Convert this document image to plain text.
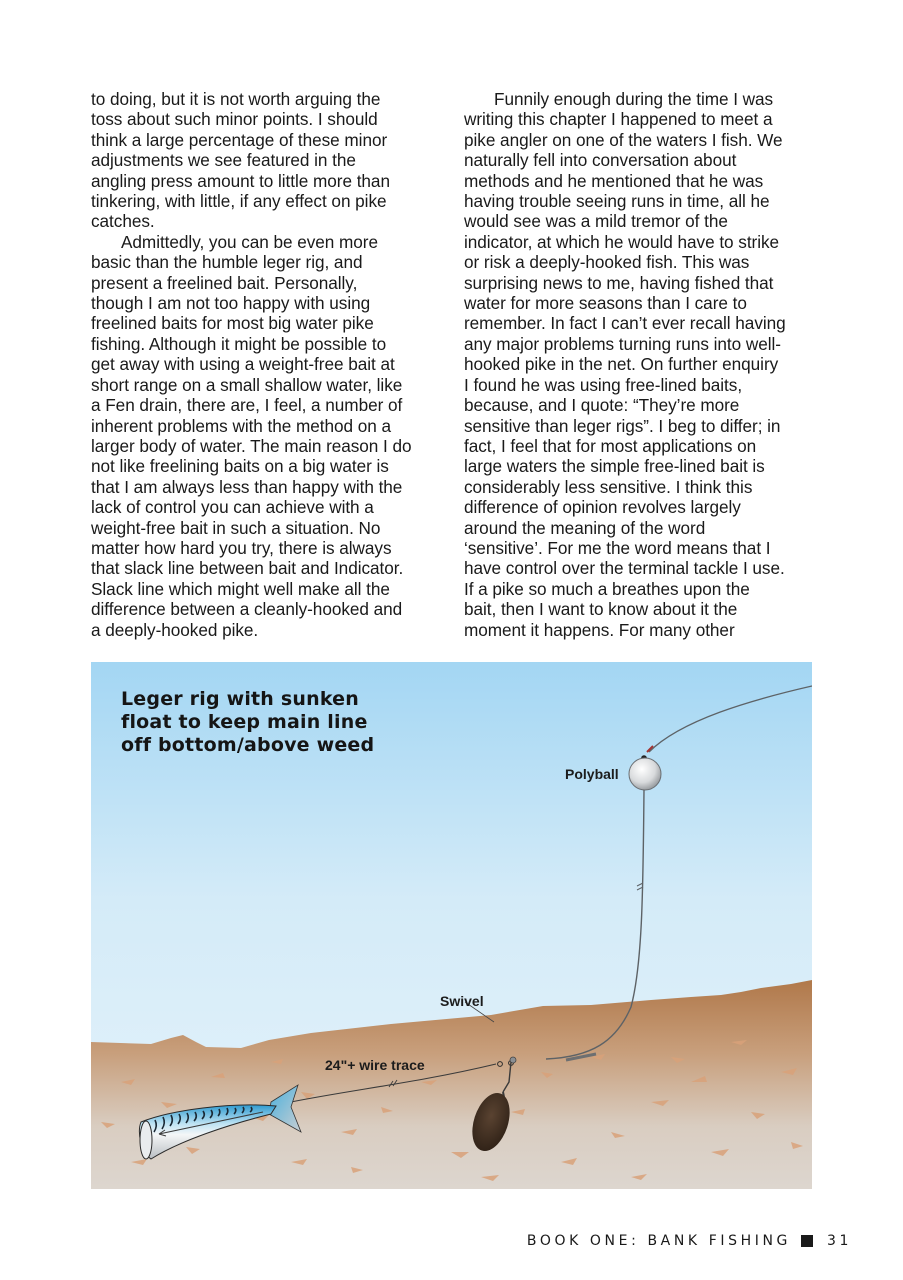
to doing, but it is not worth arguing the
toss about such minor points. I should
think a large percentage of these minor
adjustments we see featured in the
angling press amount to little more than
tinkering, with little, if any effect on pike
catches.

Admittedly, you can be even more
basic than the humble leger rig, and
present a freelined bait. Personally,
though I am not too happy with using
freelined baits for most big water pike
fishing. Although it might be possible to
get away with using a weight-free bait at
short range on a small shallow water, like
a Fen drain, there are, I feel, a number of
inherent problems with the method on a
larger body of water. The main reason I do
not like freelining baits on a big water is
that I am always less than happy with the
lack of control you can achieve with a
weight-free bait in such a situation. No
matter how hard you try, there is always
that slack line between bait and Indicator.
Slack line which might well make all the
difference between a cleanly-hooked and
a deeply-hooked pike.

Funnily enough during the time I was
writing this chapter I happened to meet a
pike angler on one of the waters I fish. We
naturally fell into conversation about
methods and he mentioned that he was
having trouble seeing runs in time, all he
would see was a mild tremor of the
indicator, at which he would have to strike
or risk a deeply-hooked fish. This was
surprising news to me, having fished that
water for more seasons than I care to
remember. In fact I can’t ever recall having
any major problems turning runs into well-
hooked pike in the net. On further enquiry
I found he was using free-lined baits,
because, and I quote: “They’re more
sensitive than leger rigs”. I beg to differ; in
fact, I feel that for most applications on
large waters the simple free-lined bait is
considerably less sensitive. I think this
difference of opinion revolves largely
around the meaning of the word
‘sensitive’. For me the word means that I
have control over the terminal tackle I use.
If a pike so much a breathes upon the
bait, then I want to know about it the
moment it happens. For many other

Leger rig with sunken
float to keep main line
off bottom/above weed
Polyball
Swivel
24"+ wire trace
BOOK ONE: BANK FISHING	31
